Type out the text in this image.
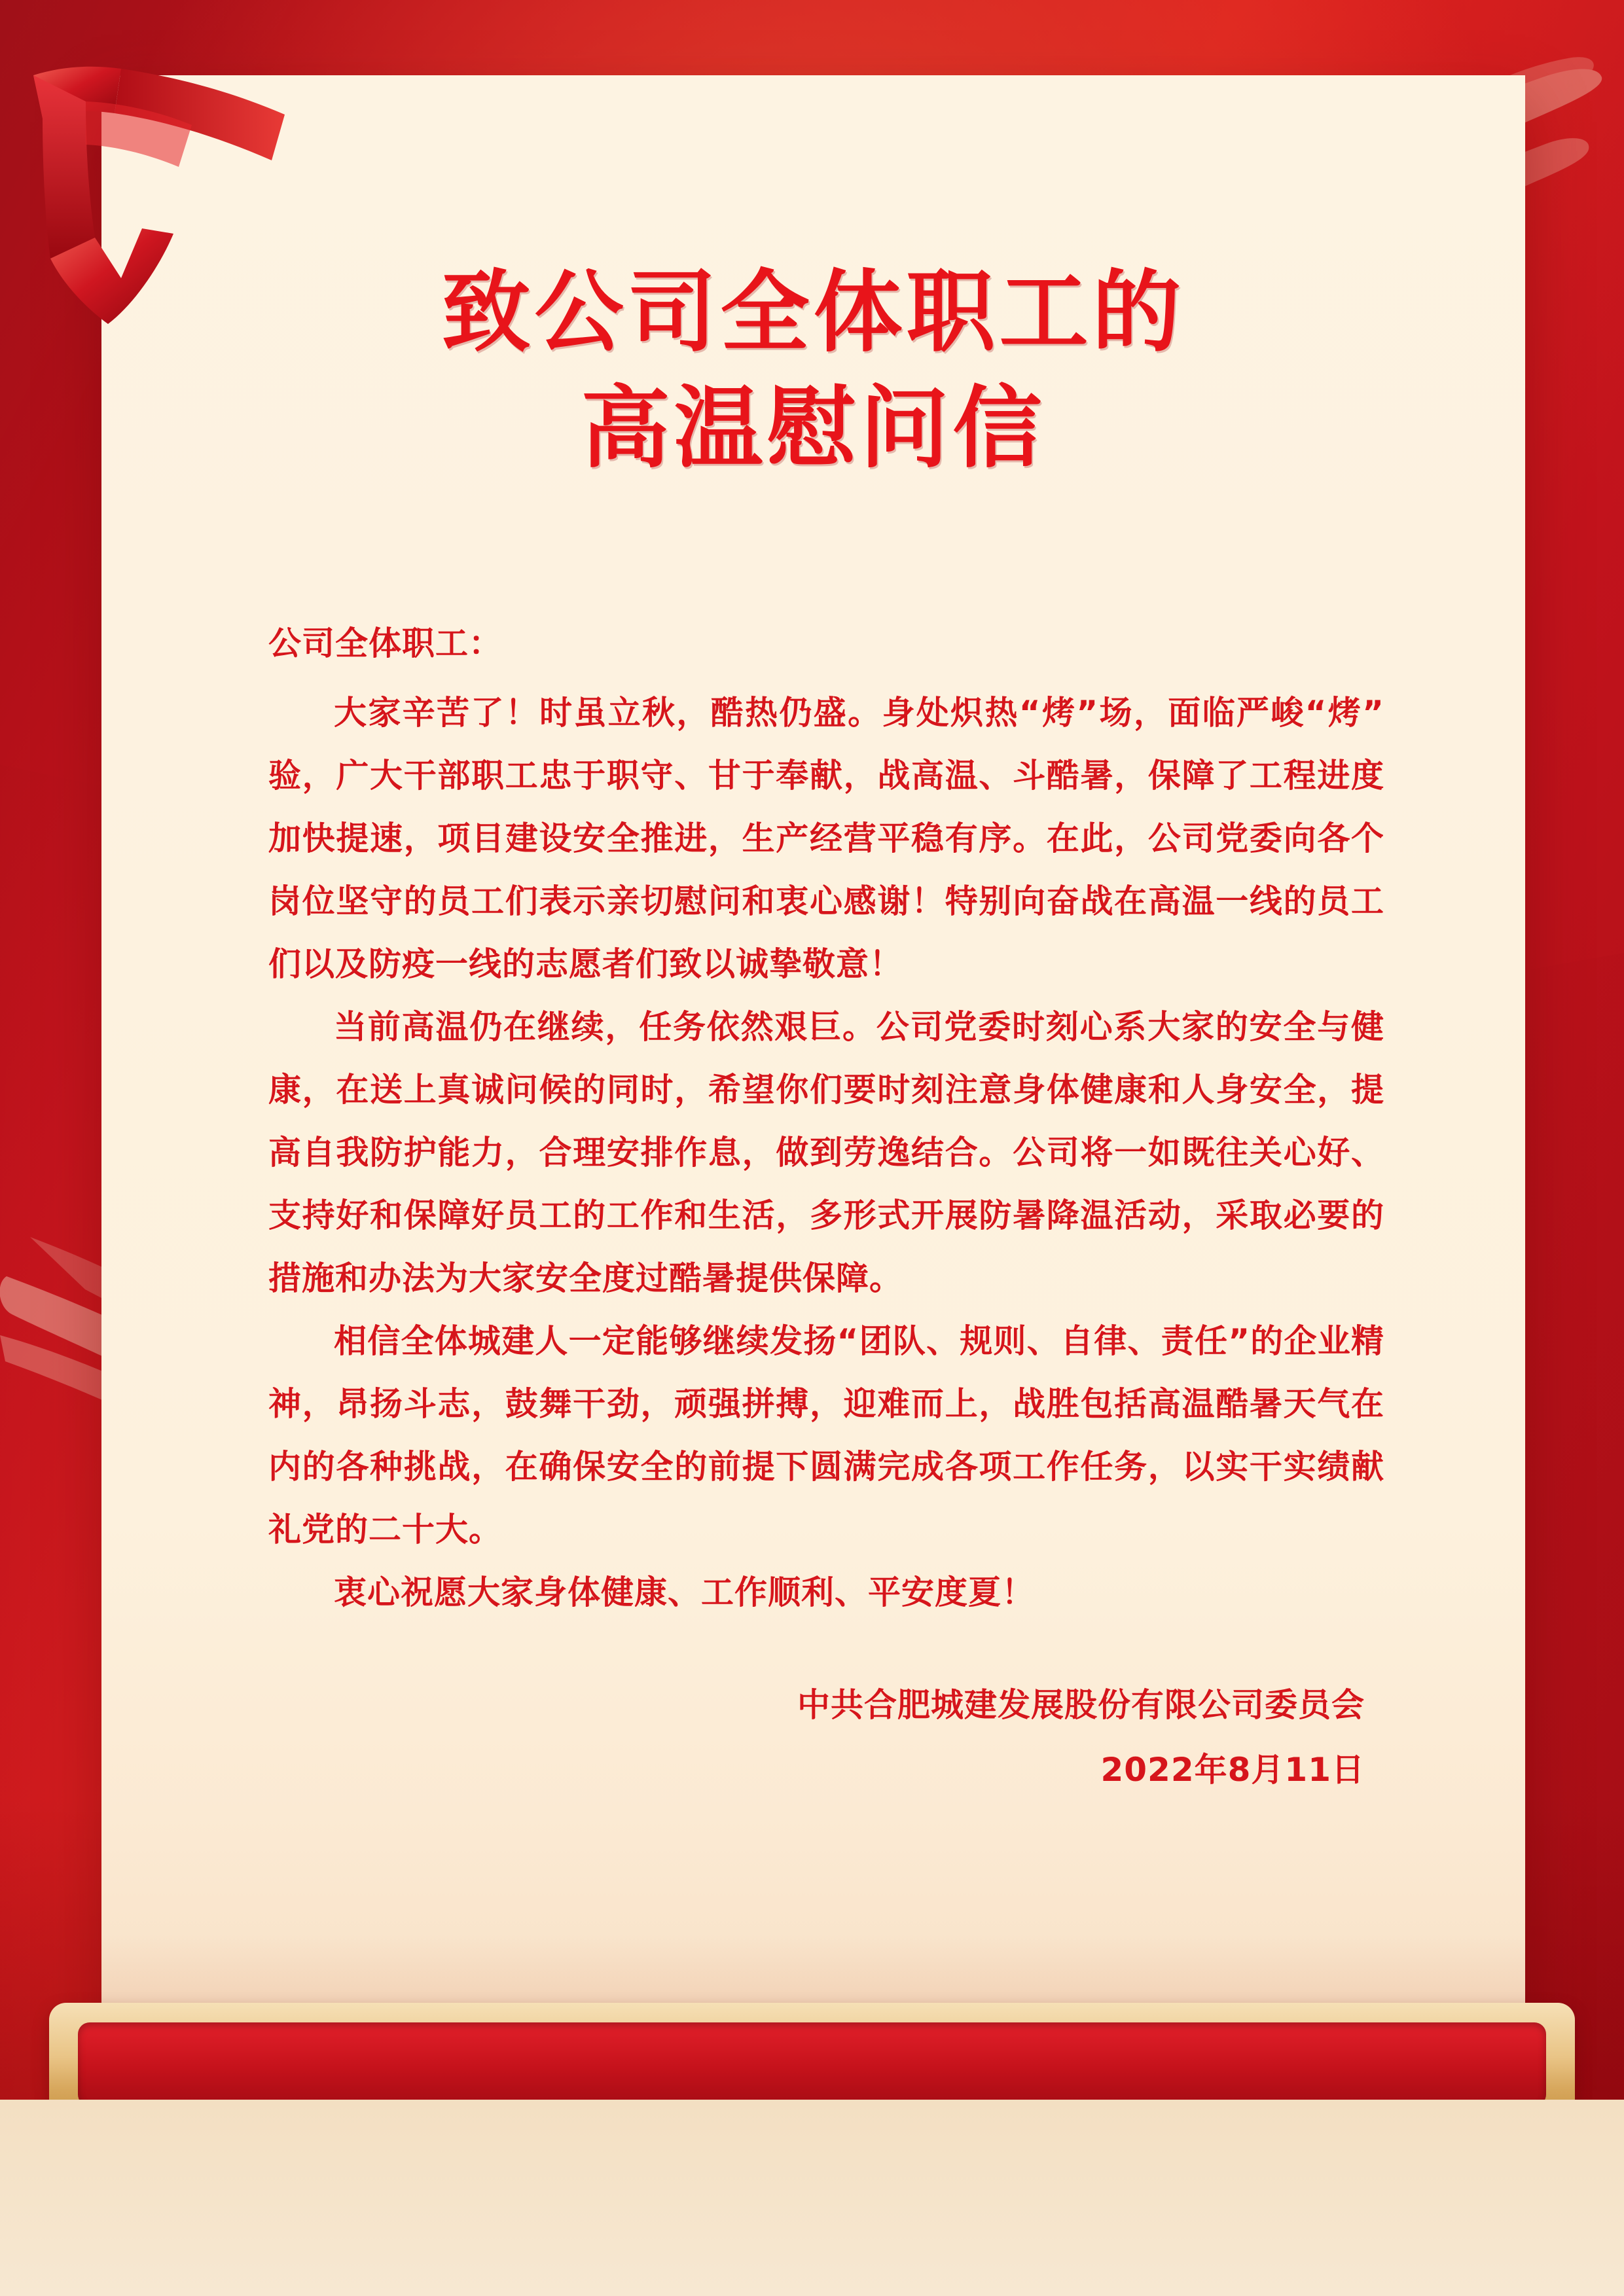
致公司全体职工的
高温慰问信

公司全体职工：

大家辛苦了！时虽立秋，酷热仍盛。身处炽热“烤”场，面临严峻“烤”验，广大干部职工忠于职守、甘于奉献，战高温、斗酷暑，保障了工程进度加快提速，项目建设安全推进，生产经营平稳有序。在此，公司党委向各个岗位坚守的员工们表示亲切慰问和衷心感谢！特别向奋战在高温一线的员工们以及防疫一线的志愿者们致以诚挚敬意！

当前高温仍在继续，任务依然艰巨。公司党委时刻心系大家的安全与健康，在送上真诚问候的同时，希望你们要时刻注意身体健康和人身安全，提高自我防护能力，合理安排作息，做到劳逸结合。公司将一如既往关心好、支持好和保障好员工的工作和生活，多形式开展防暑降温活动，采取必要的措施和办法为大家安全度过酷暑提供保障。

相信全体城建人一定能够继续发扬“团队、规则、自律、责任”的企业精神，昂扬斗志，鼓舞干劲，顽强拼搏，迎难而上，战胜包括高温酷暑天气在内的各种挑战，在确保安全的前提下圆满完成各项工作任务，以实干实绩献礼党的二十大。

衷心祝愿大家身体健康、工作顺利、平安度夏！

中共合肥城建发展股份有限公司委员会

2022年8月11日
